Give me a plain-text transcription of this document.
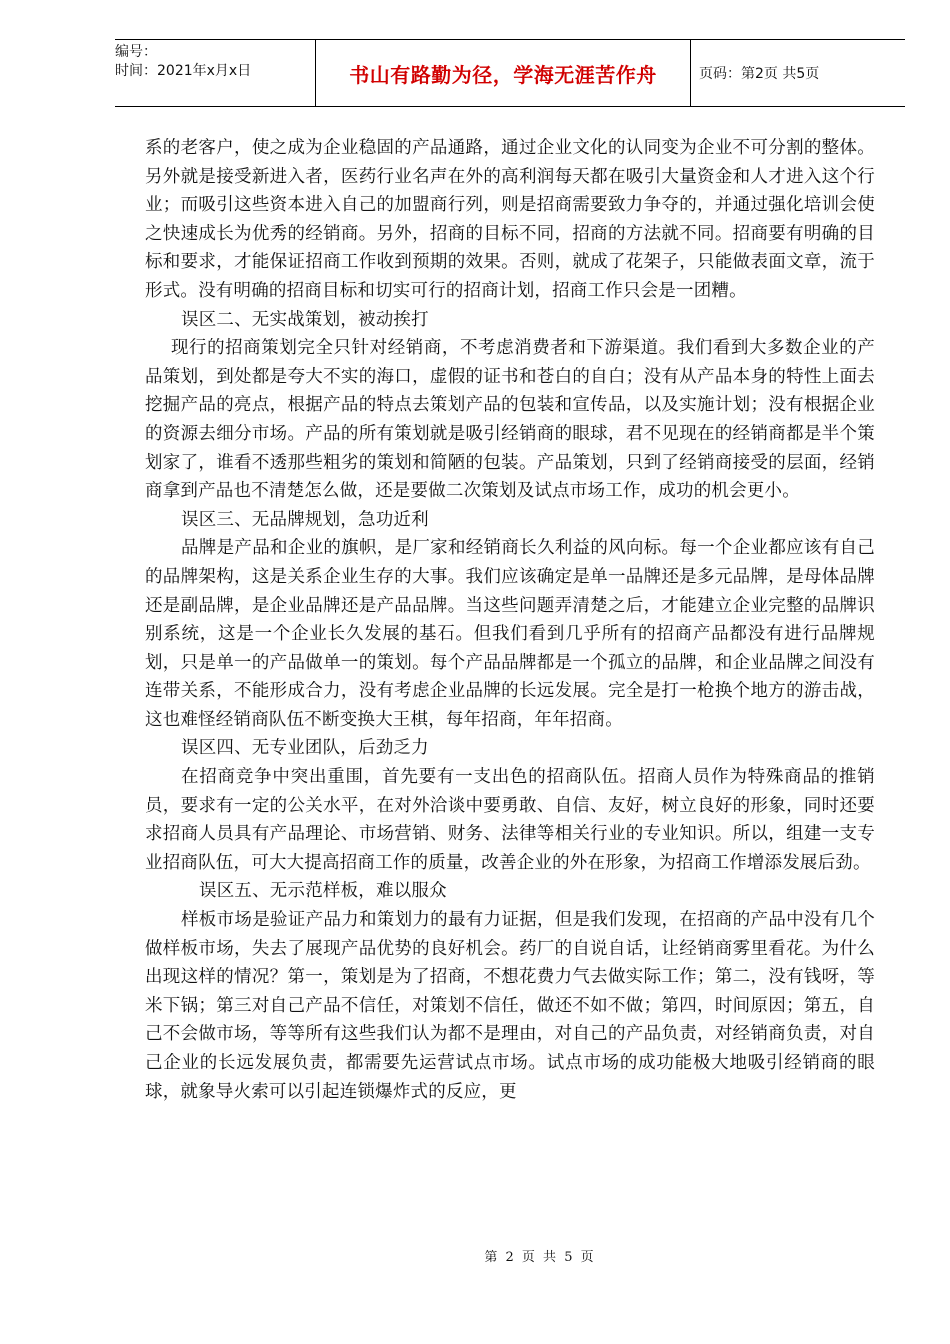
编号：
时间：2021年x月x日	书山有路勤为径，学海无涯苦作舟	页码：第2页 共5页

系的老客户，使之成为企业稳固的产品通路，通过企业文化的认同变为企业不可分割的整体。另外就是接受新进入者，医药行业名声在外的高利润每天都在吸引大量资金和人才进入这个行业；而吸引这些资本进入自己的加盟商行列，则是招商需要致力争夺的，并通过强化培训会使之快速成长为优秀的经销商。另外，招商的目标不同，招商的方法就不同。招商要有明确的目标和要求，才能保证招商工作收到预期的效果。否则，就成了花架子，只能做表面文章，流于形式。没有明确的招商目标和切实可行的招商计划，招商工作只会是一团糟。

误区二、无实战策划，被动挨打

现行的招商策划完全只针对经销商，不考虑消费者和下游渠道。我们看到大多数企业的产品策划，到处都是夸大不实的海口，虚假的证书和苍白的自白；没有从产品本身的特性上面去挖掘产品的亮点，根据产品的特点去策划产品的包装和宣传品，以及实施计划；没有根据企业的资源去细分市场。产品的所有策划就是吸引经销商的眼球，君不见现在的经销商都是半个策划家了，谁看不透那些粗劣的策划和简陋的包装。产品策划，只到了经销商接受的层面，经销商拿到产品也不清楚怎么做，还是要做二次策划及试点市场工作，成功的机会更小。

误区三、无品牌规划，急功近利

品牌是产品和企业的旗帜，是厂家和经销商长久利益的风向标。每一个企业都应该有自己的品牌架构，这是关系企业生存的大事。我们应该确定是单一品牌还是多元品牌，是母体品牌还是副品牌，是企业品牌还是产品品牌。当这些问题弄清楚之后，才能建立企业完整的品牌识别系统，这是一个企业长久发展的基石。但我们看到几乎所有的招商产品都没有进行品牌规划，只是单一的产品做单一的策划。每个产品品牌都是一个孤立的品牌，和企业品牌之间没有连带关系，不能形成合力，没有考虑企业品牌的长远发展。完全是打一枪换个地方的游击战，这也难怪经销商队伍不断变换大王棋，每年招商，年年招商。

误区四、无专业团队，后劲乏力

在招商竞争中突出重围，首先要有一支出色的招商队伍。招商人员作为特殊商品的推销员，要求有一定的公关水平，在对外洽谈中要勇敢、自信、友好，树立良好的形象，同时还要求招商人员具有产品理论、市场营销、财务、法律等相关行业的专业知识。所以，组建一支专业招商队伍，可大大提高招商工作的质量，改善企业的外在形象，为招商工作增添发展后劲。

误区五、无示范样板，难以服众

样板市场是验证产品力和策划力的最有力证据，但是我们发现，在招商的产品中没有几个做样板市场，失去了展现产品优势的良好机会。药厂的自说自话，让经销商雾里看花。为什么出现这样的情况？第一，策划是为了招商，不想花费力气去做实际工作；第二，没有钱呀，等米下锅；第三对自己产品不信任，对策划不信任，做还不如不做；第四，时间原因；第五，自己不会做市场，等等所有这些我们认为都不是理由，对自己的产品负责，对经销商负责，对自己企业的长远发展负责，都需要先运营试点市场。试点市场的成功能极大地吸引经销商的眼球，就象导火索可以引起连锁爆炸式的反应，更

第 2 页 共 5 页
